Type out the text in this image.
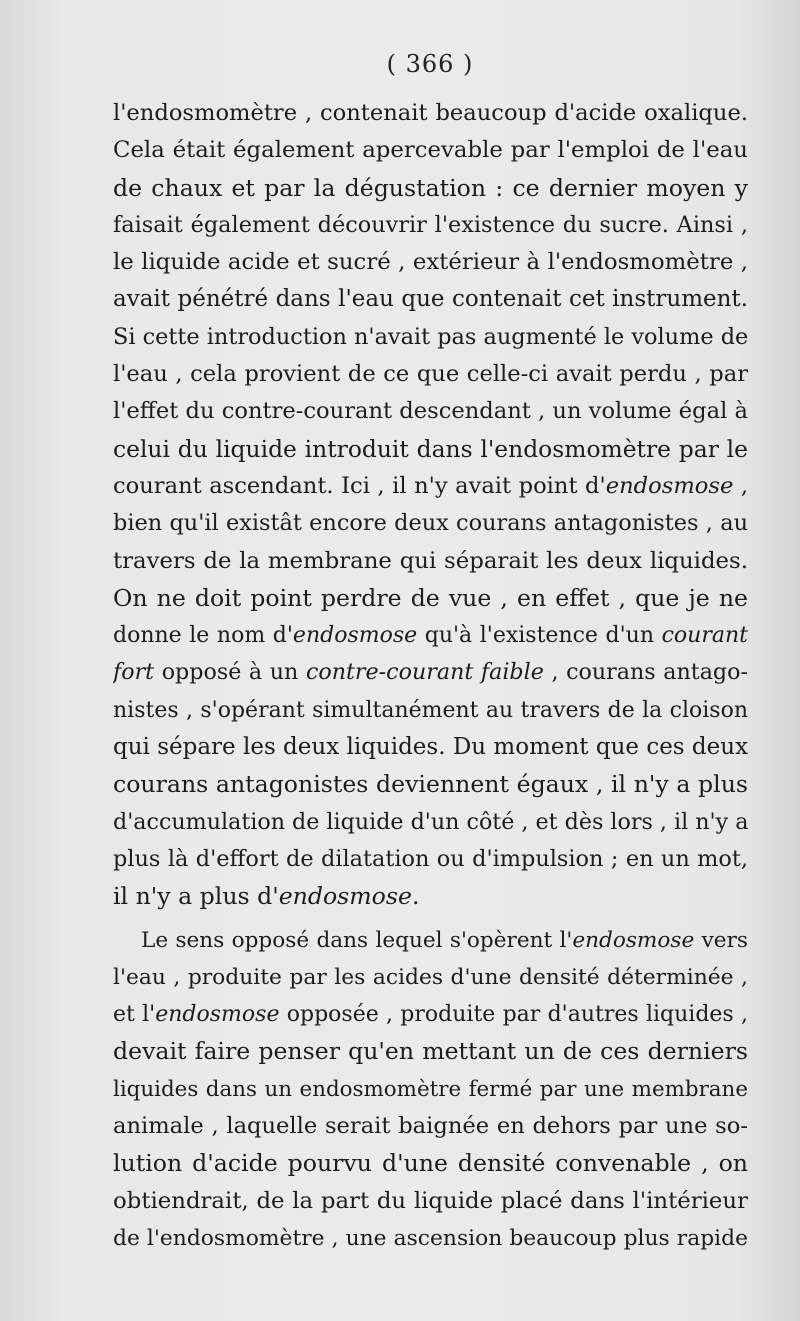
( 366 )
l'endosmomètre , contenait beaucoup d'acide oxalique.
Cela était également apercevable par l'emploi de l'eau
de chaux et par la dégustation : ce dernier moyen y
faisait également découvrir l'existence du sucre. Ainsi ,
le liquide acide et sucré , extérieur à l'endosmomètre ,
avait pénétré dans l'eau que contenait cet instrument.
Si cette introduction n'avait pas augmenté le volume de
l'eau , cela provient de ce que celle-ci avait perdu , par
l'effet du contre-courant descendant , un volume égal à
celui du liquide introduit dans l'endosmomètre par le
courant ascendant. Ici , il n'y avait point d'endosmose ,
bien qu'il existât encore deux courans antagonistes , au
travers de la membrane qui séparait les deux liquides.
On ne doit point perdre de vue , en effet , que je ne
donne le nom d'endosmose qu'à l'existence d'un courant
fort opposé à un contre-courant faible , courans antago-
nistes , s'opérant simultanément au travers de la cloison
qui sépare les deux liquides. Du moment que ces deux
courans antagonistes deviennent égaux , il n'y a plus
d'accumulation de liquide d'un côté , et dès lors , il n'y a
plus là d'effort de dilatation ou d'impulsion ; en un mot,
il n'y a plus d'endosmose.
Le sens opposé dans lequel s'opèrent l'endosmose vers
l'eau , produite par les acides d'une densité déterminée ,
et l'endosmose opposée , produite par d'autres liquides ,
devait faire penser qu'en mettant un de ces derniers
liquides dans un endosmomètre fermé par une membrane
animale , laquelle serait baignée en dehors par une so-
lution d'acide pourvu d'une densité convenable , on
obtiendrait, de la part du liquide placé dans l'intérieur
de l'endosmomètre , une ascension beaucoup plus rapide
